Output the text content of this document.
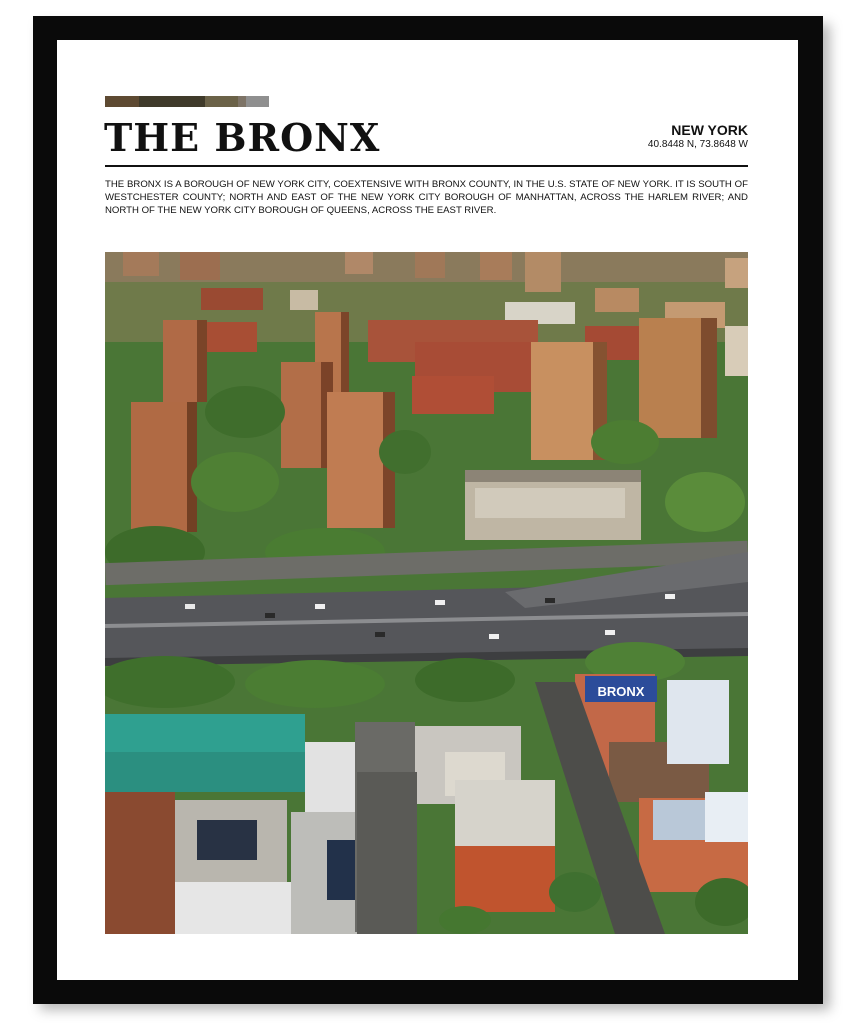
THE BRONX	NEW YORK
40.8448 N, 73.8648 W
THE BRONX IS A BOROUGH OF NEW YORK CITY, COEXTENSIVE WITH BRONX COUNTY, IN THE U.S. STATE OF NEW YORK. IT IS SOUTH OF WESTCHESTER COUNTY; NORTH AND EAST OF THE NEW YORK CITY BOROUGH OF MANHATTAN, ACROSS THE HARLEM RIVER; AND NORTH OF THE NEW YORK CITY BOROUGH OF QUEENS, ACROSS THE EAST RIVER.
BRONX
